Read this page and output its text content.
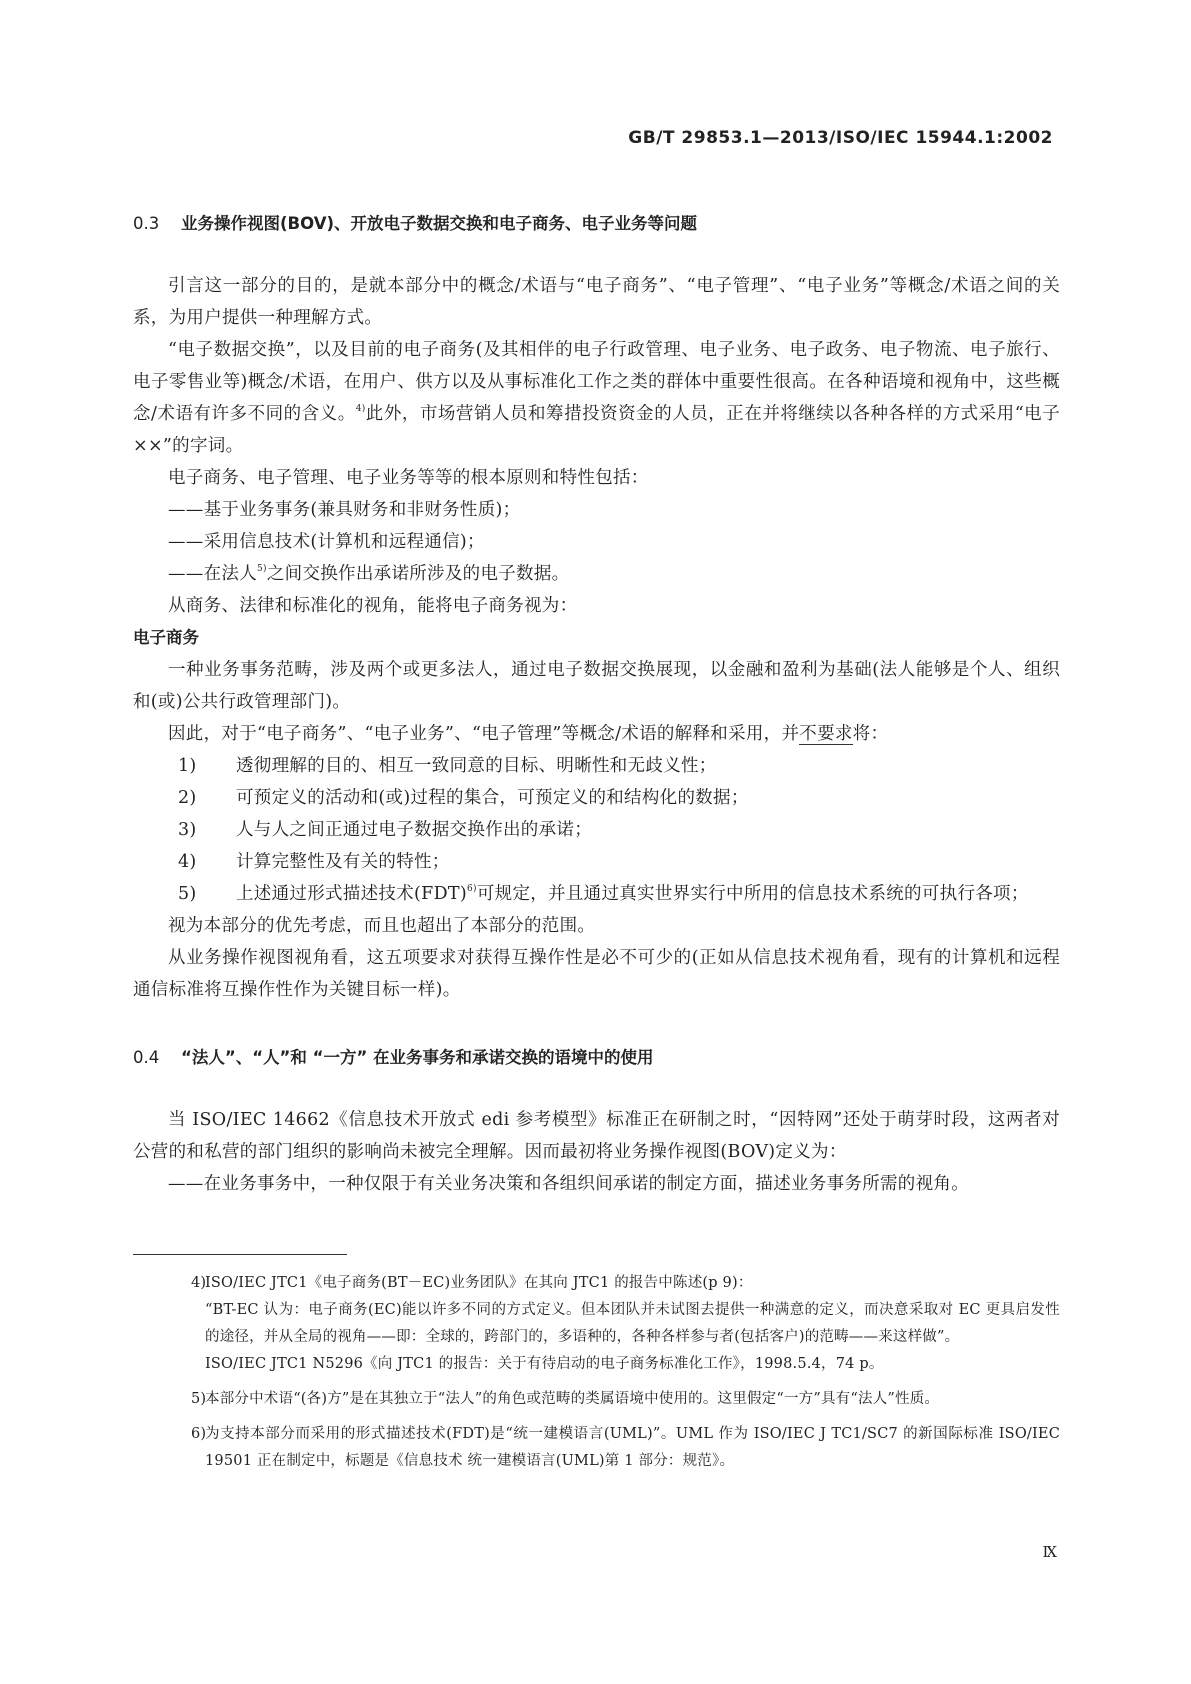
GB/T 29853.1—2013/ISO/IEC 15944.1:2002
0.3 业务操作视图(BOV)、开放电子数据交换和电子商务、电子业务等问题

引言这一部分的目的，是就本部分中的概念/术语与“电子商务”、“电子管理”、“电子业务”等概念/术语之间的关系，为用户提供一种理解方式。

“电子数据交换”，以及目前的电子商务(及其相伴的电子行政管理、电子业务、电子政务、电子物流、电子旅行、电子零售业等)概念/术语，在用户、供方以及从事标准化工作之类的群体中重要性很高。在各种语境和视角中，这些概念/术语有许多不同的含义。$^{4)}$此外，市场营销人员和筹措投资资金的人员，正在并将继续以各种各样的方式采用“电子××”的字词。

电子商务、电子管理、电子业务等等的根本原则和特性包括：

——基于业务事务(兼具财务和非财务性质)；

——采用信息技术(计算机和远程通信)；

——在法人$^{5)}$之间交换作出承诺所涉及的电子数据。

从商务、法律和标准化的视角，能将电子商务视为：

电子商务

一种业务事务范畴，涉及两个或更多法人，通过电子数据交换展现，以金融和盈利为基础(法人能够是个人、组织和(或)公共行政管理部门)。

因此，对于“电子商务”、“电子业务”、“电子管理”等概念/术语的解释和采用，并不要求将：

1)	透彻理解的目的、相互一致同意的目标、明晰性和无歧义性；
2)	可预定义的活动和(或)过程的集合，可预定义的和结构化的数据；
3)	人与人之间正通过电子数据交换作出的承诺；
4)	计算完整性及有关的特性；
5)	上述通过形式描述技术(FDT)$^{6)}$可规定，并且通过真实世界实行中所用的信息技术系统的可执行各项；

视为本部分的优先考虑，而且也超出了本部分的范围。

从业务操作视图视角看，这五项要求对获得互操作性是必不可少的(正如从信息技术视角看，现有的计算机和远程通信标准将互操作性作为关键目标一样)。

0.4 “法人”、“人”和 “一方” 在业务事务和承诺交换的语境中的使用

当 ISO/IEC 14662《信息技术开放式 edi 参考模型》标准正在研制之时，“因特网”还处于萌芽时段，这两者对公营的和私营的部门组织的影响尚未被完全理解。因而最初将业务操作视图(BOV)定义为：

——在业务事务中，一种仅限于有关业务决策和各组织间承诺的制定方面，描述业务事务所需的视角。

4)

ISO/IEC JTC1《电子商务(BT－EC)业务团队》在其向 JTC1 的报告中陈述(p 9)：

“BT-EC 认为：电子商务(EC)能以许多不同的方式定义。但本团队并未试图去提供一种满意的定义，而决意采取对 EC 更具启发性的途径，并从全局的视角——即：全球的，跨部门的，多语种的，各种各样参与者(包括客户)的范畴——来这样做”。

ISO/IEC JTC1 N5296《向 JTC1 的报告：关于有待启动的电子商务标准化工作》，1998.5.4，74 p。

5)

本部分中术语“(各)方”是在其独立于“法人”的角色或范畴的类属语境中使用的。这里假定“一方”具有“法人”性质。

6)

为支持本部分而采用的形式描述技术(FDT)是“统一建模语言(UML)”。UML 作为 ISO/IEC J TC1/SC7 的新国际标准 ISO/IEC 19501 正在制定中，标题是《信息技术 统一建模语言(UML)第 1 部分：规范》。

Ⅸ
